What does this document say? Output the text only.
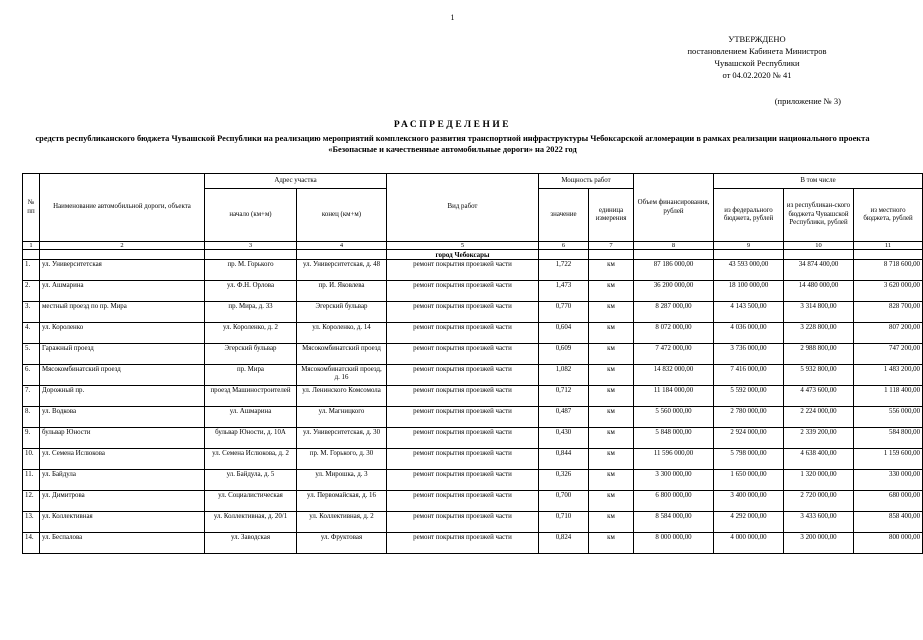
1
УТВЕРЖДЕНО
постановлением Кабинета Министров
Чувашской Республики
от 04.02.2020 № 41
(приложение № 3)
РАСПРЕДЕЛЕНИЕ
средств республиканского бюджета Чувашской Республики на реализацию мероприятий комплексного развития транспортной инфраструктуры Чебоксарской агломерации в рамках реализации национального проекта «Безопасные и качественные автомобильные дороги» на 2022 год
№ пп	Наименование автомобильной дороги, объекта	Адрес участка		Вид работ	Мощность работ		Объем финансирования, рублей	В том числе		
		начало (км+м)	конец (км+м)		значение	единица измерения		из федерального бюджета, рублей	из республикан-ского бюджета Чувашской Республики, рублей	из местного бюджета, рублей
1	2	3	4	5	6	7	8	9	10	11
				город Чебоксары						
1.	ул. Университетская	пр. М. Горького	ул. Университетская, д. 48	ремонт покрытия проезжей части	1,722	км	87 186 000,00	43 593 000,00	34 874 400,00	8 718 600,00
2.	ул. Ашмарина	ул. Ф.Н. Орлова	пр. И. Яковлева	ремонт покрытия проезжей части	1,473	км	36 200 000,00	18 100 000,00	14 480 000,00	3 620 000,00
3.	местный проезд по пр. Мира	пр. Мира, д. 33	Эгерский бульвар	ремонт покрытия проезжей части	0,770	км	8 287 000,00	4 143 500,00	3 314 800,00	828 700,00
4.	ул. Короленко	ул. Короленко, д. 2	ул. Короленко, д. 14	ремонт покрытия проезжей части	0,604	км	8 072 000,00	4 036 000,00	3 228 800,00	807 200,00
5.	Гаражный проезд	Эгерский бульвар	Мясокомбинатский проезд	ремонт покрытия проезжей части	0,609	км	7 472 000,00	3 736 000,00	2 988 800,00	747 200,00
6.	Мясокомбинатский проезд	пр. Мира	Мясокомбинатский проезд, д. 16	ремонт покрытия проезжей части	1,082	км	14 832 000,00	7 416 000,00	5 932 800,00	1 483 200,00
7.	Дорожный пр.	проезд Машиностроителей	ул. Ленинского Комсомола	ремонт покрытия проезжей части	0,712	км	11 184 000,00	5 592 000,00	4 473 600,00	1 118 400,00
8.	ул. Водкова	ул. Ашмарина	ул. Магницкого	ремонт покрытия проезжей части	0,487	км	5 560 000,00	2 780 000,00	2 224 000,00	556 000,00
9.	бульвар Юности	бульвар Юности, д. 10А	ул. Университетская, д. 30	ремонт покрытия проезжей части	0,430	км	5 848 000,00	2 924 000,00	2 339 200,00	584 800,00
10.	ул. Семена Ислюкова	ул. Семена Ислюкова, д. 2	пр. М. Горького, д. 30	ремонт покрытия проезжей части	0,844	км	11 596 000,00	5 798 000,00	4 638 400,00	1 159 600,00
11.	ул. Байдула	ул. Байдула, д. 5	ул. Мирошка, д. 3	ремонт покрытия проезжей части	0,326	км	3 300 000,00	1 650 000,00	1 320 000,00	330 000,00
12.	ул. Димитрова	ул. Социалистическая	ул. Первомайская, д. 16	ремонт покрытия проезжей части	0,700	км	6 800 000,00	3 400 000,00	2 720 000,00	680 000,00
13.	ул. Коллективная	ул. Коллективная, д. 20/1	ул. Коллективная, д. 2	ремонт покрытия проезжей части	0,710	км	8 584 000,00	4 292 000,00	3 433 600,00	858 400,00
14.	ул. Беспалова	ул. Заводская	ул. Фруктовая	ремонт покрытия проезжей части	0,824	км	8 000 000,00	4 000 000,00	3 200 000,00	800 000,00
